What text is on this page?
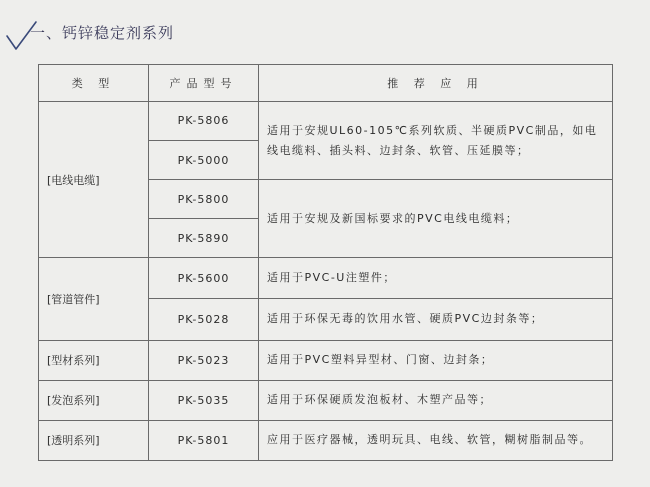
一、钙锌稳定剂系列
类 型	产品型号	推 荐 应 用
[电线电缆]	PK-5806	适用于安规UL60-105℃系列软质、半硬质PVC制品，如电线电缆料、插头料、边封条、软管、压延膜等；
	PK-5000	
	PK-5800	适用于安规及新国标要求的PVC电线电缆料；
	PK-5890	
[管道管件]	PK-5600	适用于PVC-U注塑件；
	PK-5028	适用于环保无毒的饮用水管、硬质PVC边封条等；
[型材系列]	PK-5023	适用于PVC塑料异型材、门窗、边封条；
[发泡系列]	PK-5035	适用于环保硬质发泡板材、木塑产品等；
[透明系列]	PK-5801	应用于医疗器械，透明玩具、电线、软管，糊树脂制品等。
